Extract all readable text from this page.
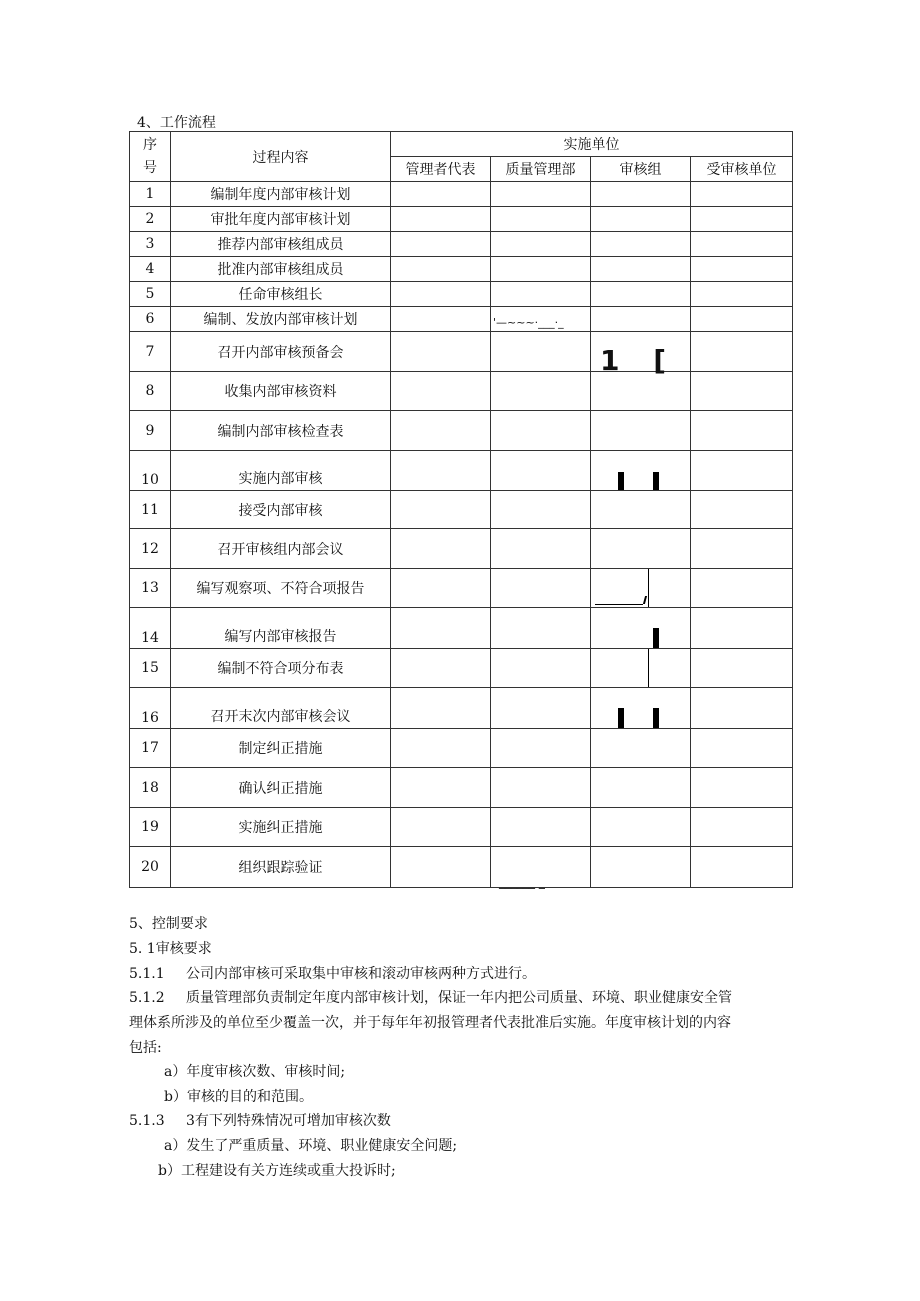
4、工作流程
序
号	过程内容	实施单位			
		管理者代表	质量管理部	审核组	受审核单位
1	编制年度内部审核计划				
2	审批年度内部审核计划				
3	推荐内部审核组成员				
4	批准内部审核组成员				
5	任命审核组长				
6	编制、发放内部审核计划		'—~~~·___·_		

7	召开内部审核预备会			1 [	

8	收集内部审核资料				
9	编制内部审核检查表				
10	实施内部审核			

11	接受内部审核				
12	召开审核组内部会议				
13	编写观察项、不符合项报告			

14	编写内部审核报告			

15	编制不符合项分布表			

16	召开末次内部审核会议			

17	制定纠正措施				
18	确认纠正措施				
19	实施纠正措施				
20	组织跟踪验证		______ _		

5、控制要求
5. 1审核要求
5.1.1 公司内部审核可采取集中审核和滚动审核两种方式进行。
5.1.2 质量管理部负责制定年度内部审核计划，保证一年内把公司质量、环境、职业健康安全管
理体系所涉及的单位至少覆盖一次，并于每年年初报管理者代表批准后实施。年度审核计划的内容
包括:
a）年度审核次数、审核时间;
b）审核的目的和范围。
5.1.3 3有下列特殊情况可增加审核次数
a）发生了严重质量、环境、职业健康安全问题;
b）工程建设有关方连续或重大投诉时;
